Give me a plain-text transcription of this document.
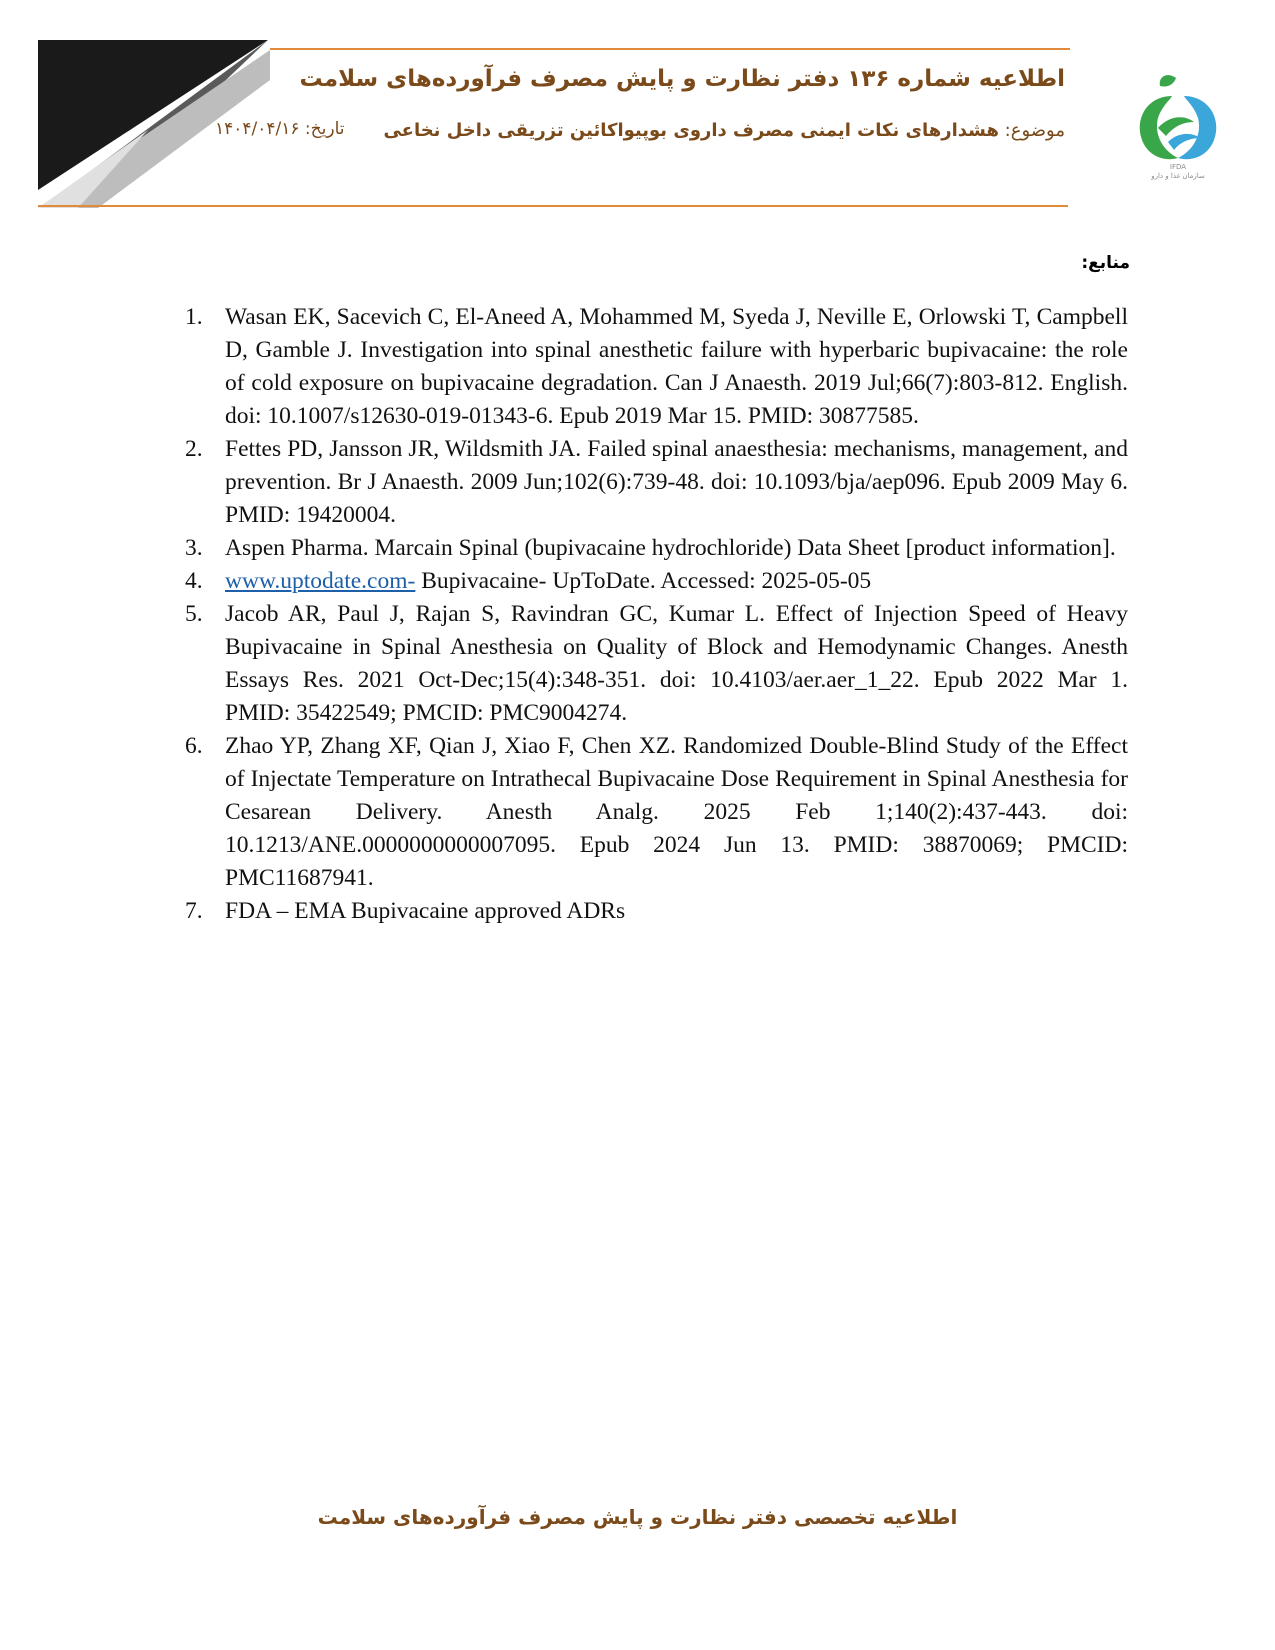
اطلاعیه شماره ۱۳۶ دفتر نظارت و پایش مصرف فرآورده‌های سلامت
موضوع: هشدارهای نکات ایمنی مصرف داروی بوپیواکائین تزریقی داخل نخاعی
تاریخ: ۱۴۰۴/۰۴/۱۶
IFDA
سازمان غذا و دارو
منابع:
1. Wasan EK, Sacevich C, El-Aneed A, Mohammed M, Syeda J, Neville E, Orlowski T, Campbell D, Gamble J. Investigation into spinal anesthetic failure with hyperbaric bupivacaine: the role of cold exposure on bupivacaine degradation. Can J Anaesth. 2019 Jul;66(7):803-812. English. doi: 10.1007/s12630-019-01343-6. Epub 2019 Mar 15. PMID: 30877585.
2. Fettes PD, Jansson JR, Wildsmith JA. Failed spinal anaesthesia: mechanisms, management, and prevention. Br J Anaesth. 2009 Jun;102(6):739-48. doi: 10.1093/bja/aep096. Epub 2009 May 6. PMID: 19420004.
3. Aspen Pharma. Marcain Spinal (bupivacaine hydrochloride) Data Sheet [product information].
4. www.uptodate.com- Bupivacaine- UpToDate. Accessed: 2025-05-05
5. Jacob AR, Paul J, Rajan S, Ravindran GC, Kumar L. Effect of Injection Speed of Heavy Bupivacaine in Spinal Anesthesia on Quality of Block and Hemodynamic Changes. Anesth Essays Res. 2021 Oct-Dec;15(4):348-351. doi: 10.4103/aer.aer_1_22. Epub 2022 Mar 1. PMID: 35422549; PMCID: PMC9004274.
6. Zhao YP, Zhang XF, Qian J, Xiao F, Chen XZ. Randomized Double-Blind Study of the Effect of Injectate Temperature on Intrathecal Bupivacaine Dose Requirement in Spinal Anesthesia for Cesarean Delivery. Anesth Analg. 2025 Feb 1;140(2):437-443. doi: 10.1213/ANE.0000000000007095. Epub 2024 Jun 13. PMID: 38870069; PMCID: PMC11687941.
7. FDA – EMA Bupivacaine approved ADRs
اطلاعیه تخصصی دفتر نظارت و پایش مصرف فرآورده‌های سلامت
